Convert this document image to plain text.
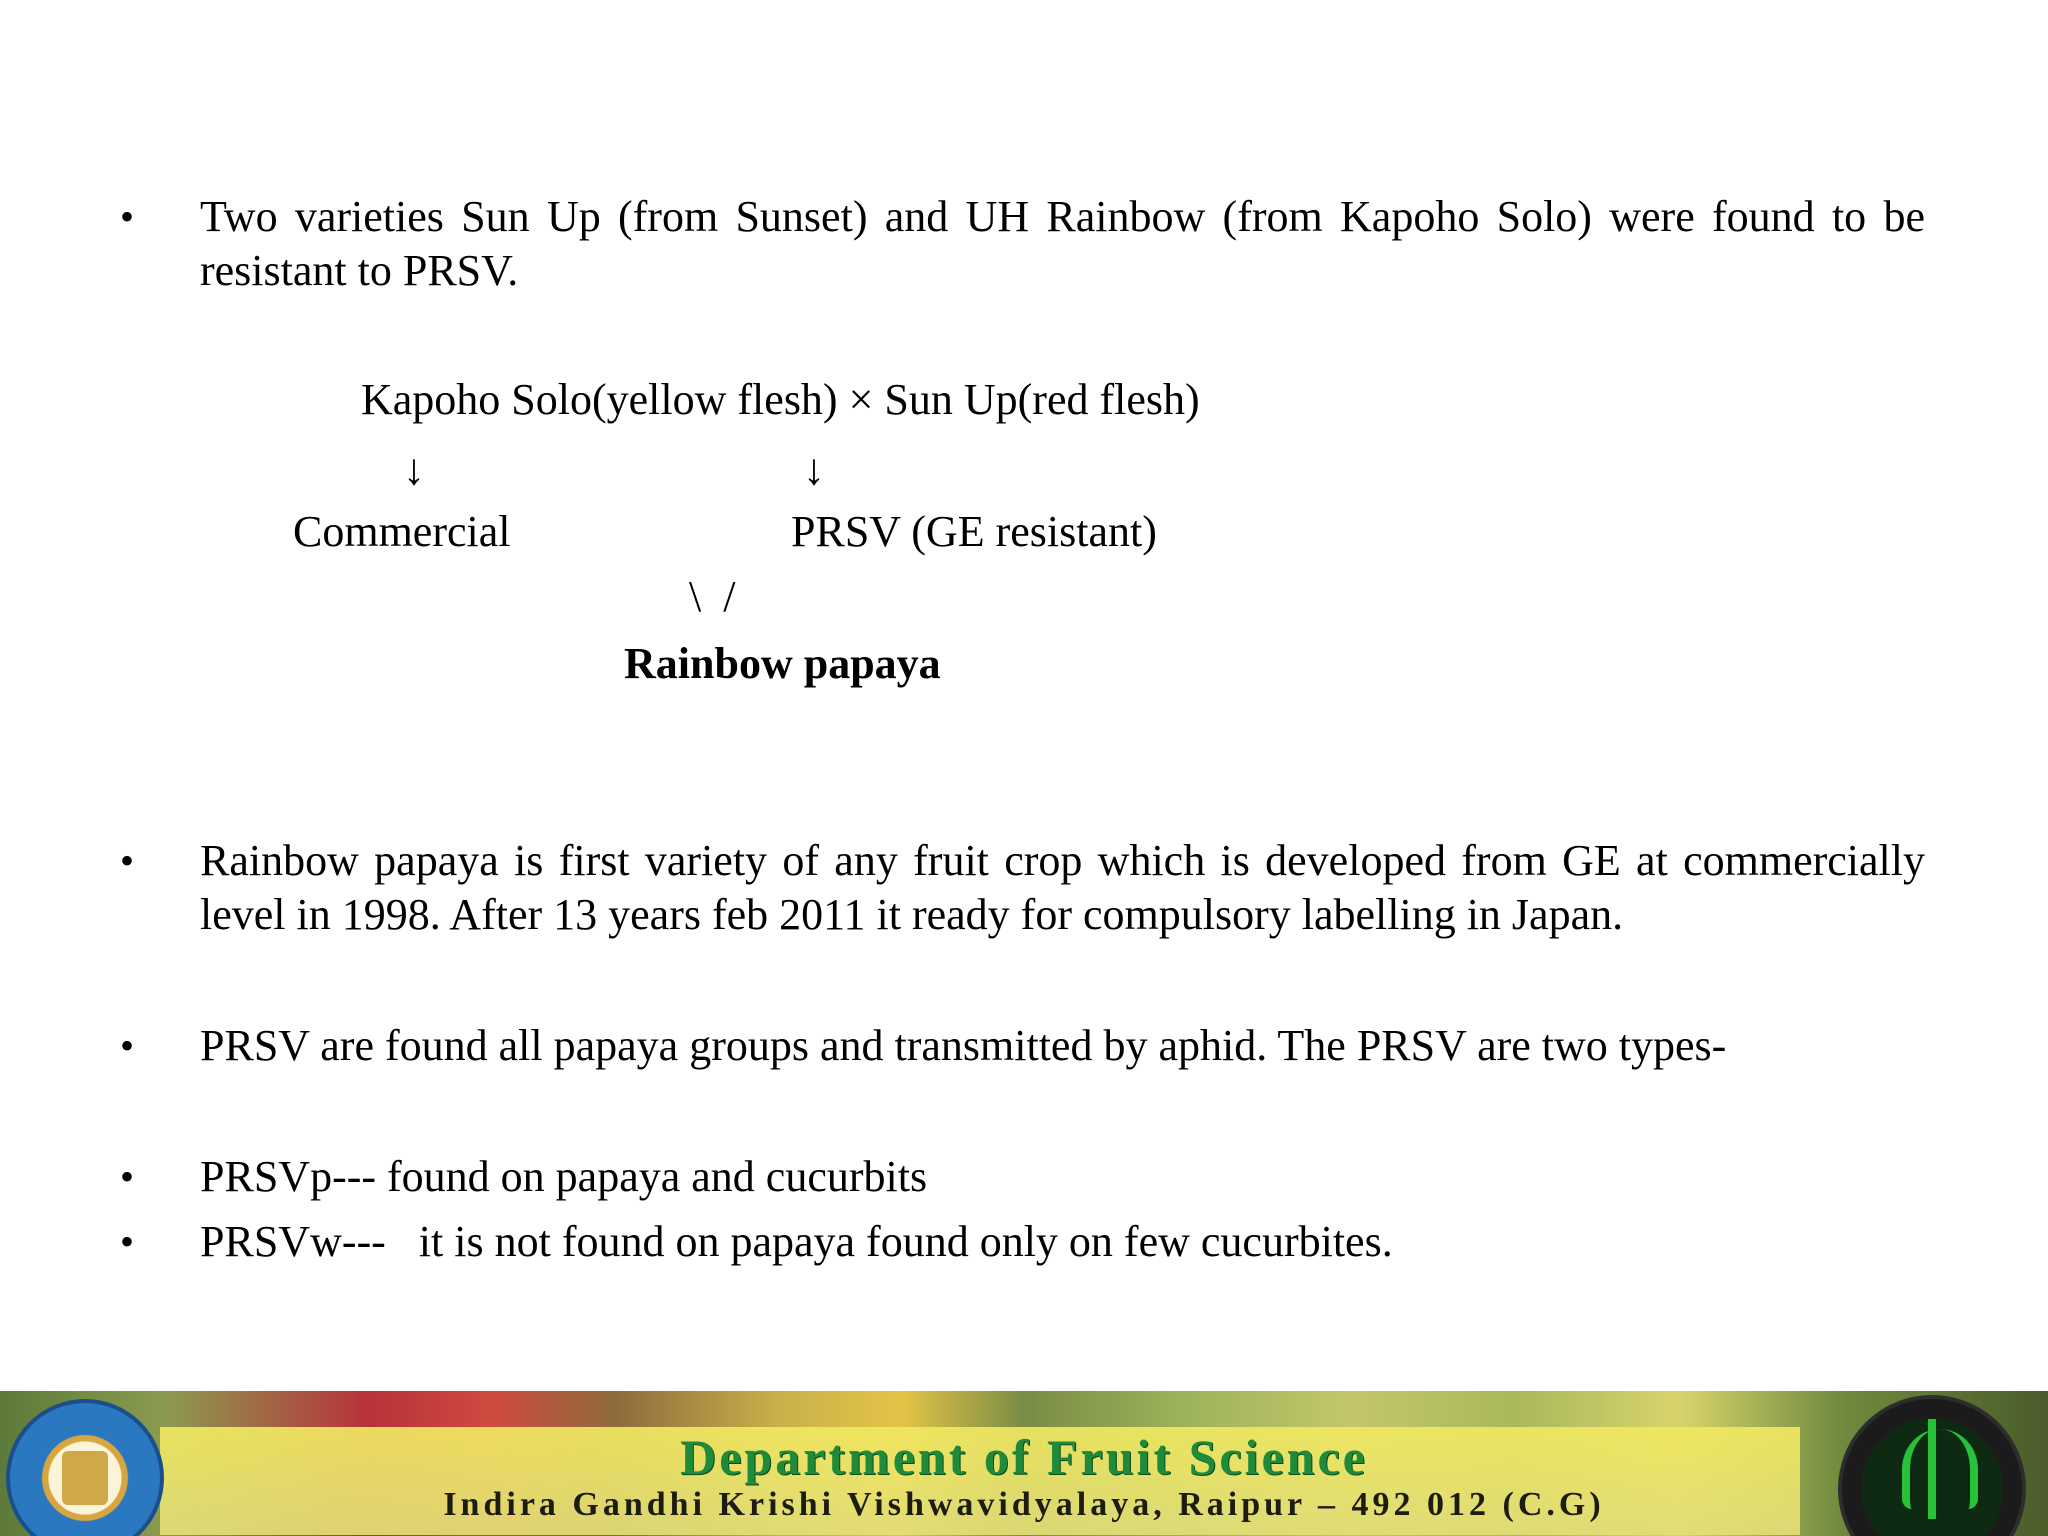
• Two varieties Sun Up (from Sunset) and UH Rainbow (from Kapoho Solo) were found to be resistant to PRSV.
Kapoho Solo(yellow flesh) × Sun Up(red flesh)
↓	↓
Commercial	PRSV (GE resistant)
\  /
Rainbow papaya
• Rainbow papaya is first variety of any fruit crop which is developed from GE at commercially level in 1998. After 13 years feb 2011 it ready for compulsory labelling in Japan.
• PRSV are found all papaya groups and transmitted by aphid. The PRSV are two types-
• PRSVp--- found on papaya and cucurbits
• PRSVw---   it is not found on papaya found only on few cucurbites.
Department of Fruit Science
Indira Gandhi Krishi Vishwavidyalaya, Raipur – 492 012 (C.G)
